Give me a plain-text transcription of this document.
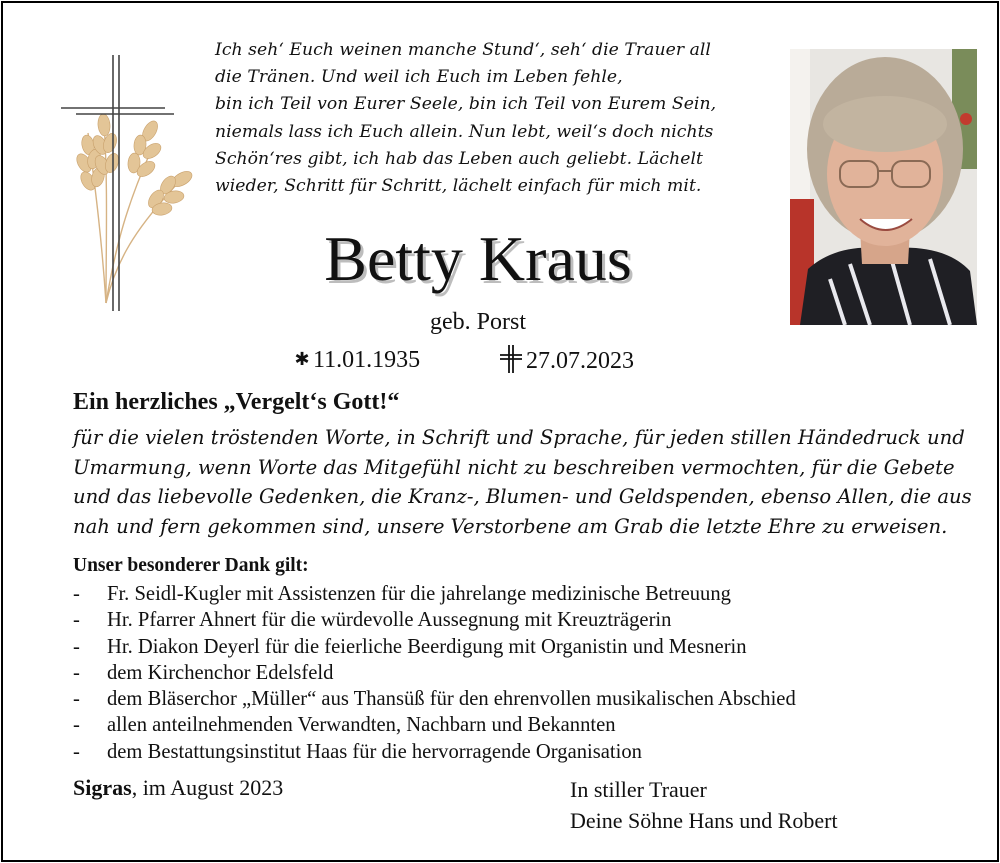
Ich seh‘ Euch weinen manche Stund‘, seh‘ die Trauer all
die Tränen. Und weil ich Euch im Leben fehle,
bin ich Teil von Eurer Seele, bin ich Teil von Eurem Sein,
niemals lass ich Euch allein. Nun lebt, weil‘s doch nichts
Schön‘res gibt, ich hab das Leben auch geliebt. Lächelt
wieder, Schritt für Schritt, lächelt einfach für mich mit.
Betty Kraus
geb. Porst
✱ 11.01.1935	27.07.2023
Ein herzliches „Vergelt‘s Gott!“
für die vielen tröstenden Worte, in Schrift und Sprache, für jeden stillen Händedruck und
Umarmung, wenn Worte das Mitgefühl nicht zu beschreiben vermochten, für die Gebete
und das liebevolle Gedenken, die Kranz-, Blumen- und Geldspenden, ebenso Allen, die aus
nah und fern gekommen sind, unsere Verstorbene am Grab die letzte Ehre zu erweisen.
Unser besonderer Dank gilt:
-	Fr. Seidl-Kugler mit Assistenzen für die jahrelange medizinische Betreuung
-	Hr. Pfarrer Ahnert für die würdevolle Aussegnung mit Kreuzträgerin
-	Hr. Diakon Deyerl für die feierliche Beerdigung mit Organistin und Mesnerin
-	dem Kirchenchor Edelsfeld
-	dem Bläserchor „Müller“ aus Thansüß für den ehrenvollen musikalischen Abschied
-	allen anteilnehmenden Verwandten, Nachbarn und Bekannten
-	dem Bestattungsinstitut Haas für die hervorragende Organisation
Sigras, im August 2023	In stiller Trauer
Deine Söhne Hans und Robert
